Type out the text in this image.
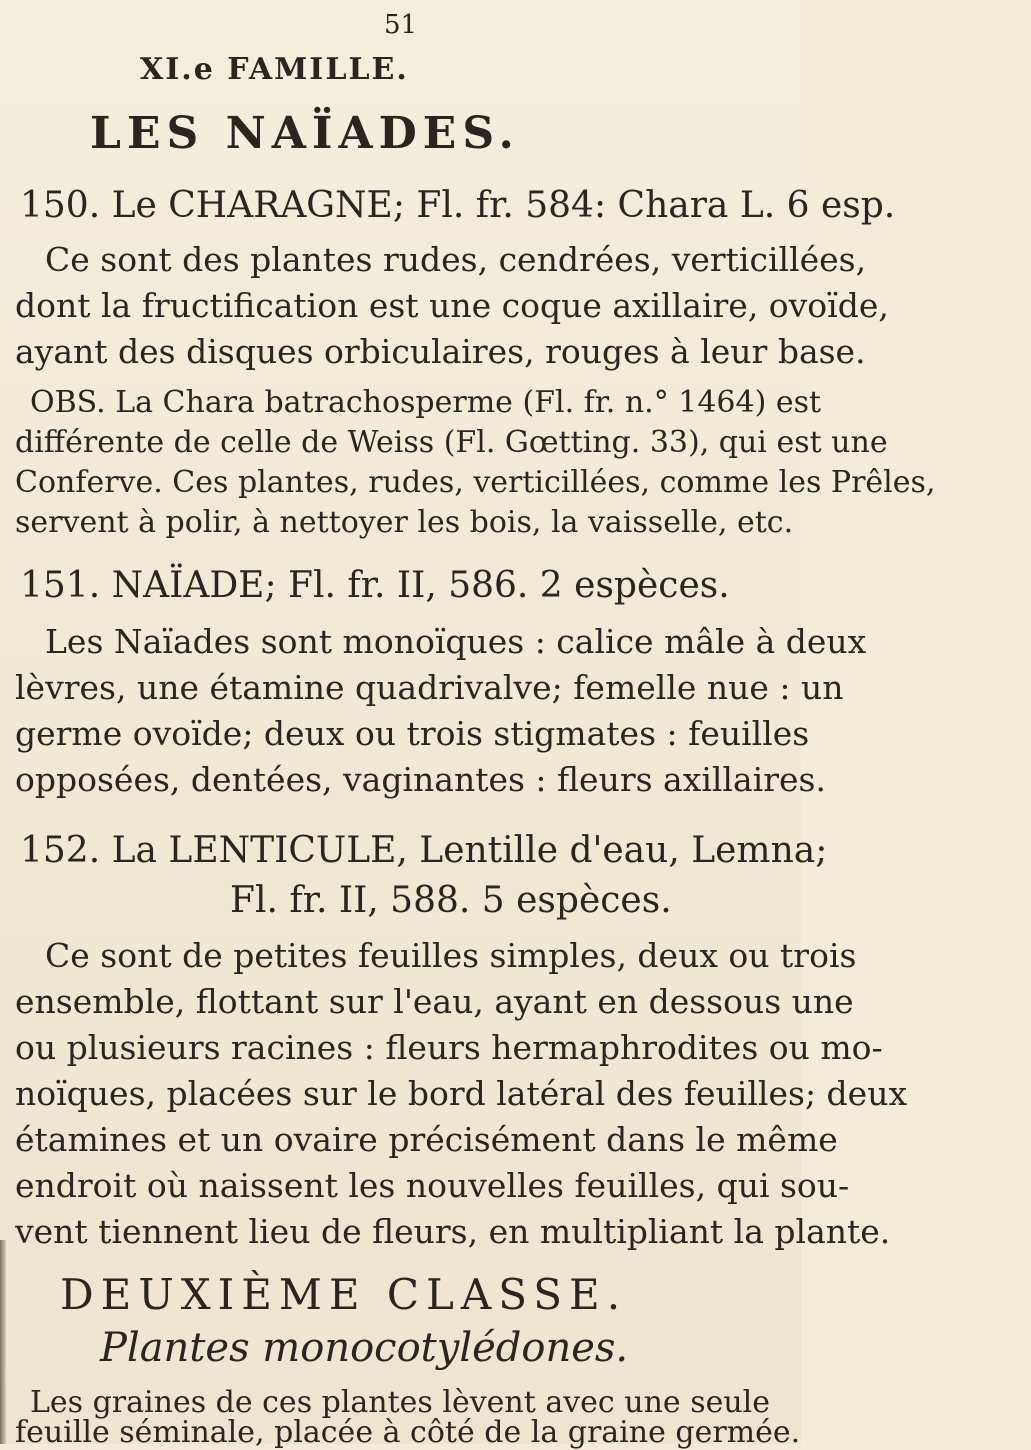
51
XI.e FAMILLE.
LES NAÏADES.
150. Le CHARAGNE; Fl. fr. 584: Chara L. 6 esp.
Ce sont des plantes rudes, cendrées, verticillées,
dont la fructification est une coque axillaire, ovoïde,
ayant des disques orbiculaires, rouges à leur base.
OBS. La Chara batrachosperme (Fl. fr. n.° 1464) est
différente de celle de Weiss (Fl. Gœtting. 33), qui est une
Conferve. Ces plantes, rudes, verticillées, comme les Prêles,
servent à polir, à nettoyer les bois, la vaisselle, etc.
151. NAÏADE; Fl. fr. II, 586. 2 espèces.
Les Naïades sont monoïques : calice mâle à deux
lèvres, une étamine quadrivalve; femelle nue : un
germe ovoïde; deux ou trois stigmates : feuilles
opposées, dentées, vaginantes : fleurs axillaires.
152. La LENTICULE, Lentille d'eau, Lemna;
Fl. fr. II, 588. 5 espèces.
Ce sont de petites feuilles simples, deux ou trois
ensemble, flottant sur l'eau, ayant en dessous une
ou plusieurs racines : fleurs hermaphrodites ou mo-
noïques, placées sur le bord latéral des feuilles; deux
étamines et un ovaire précisément dans le même
endroit où naissent les nouvelles feuilles, qui sou-
vent tiennent lieu de fleurs, en multipliant la plante.
DEUXIÈME CLASSE.
Plantes monocotylédones.
Les graines de ces plantes lèvent avec une seule
feuille séminale, placée à côté de la graine germée.
